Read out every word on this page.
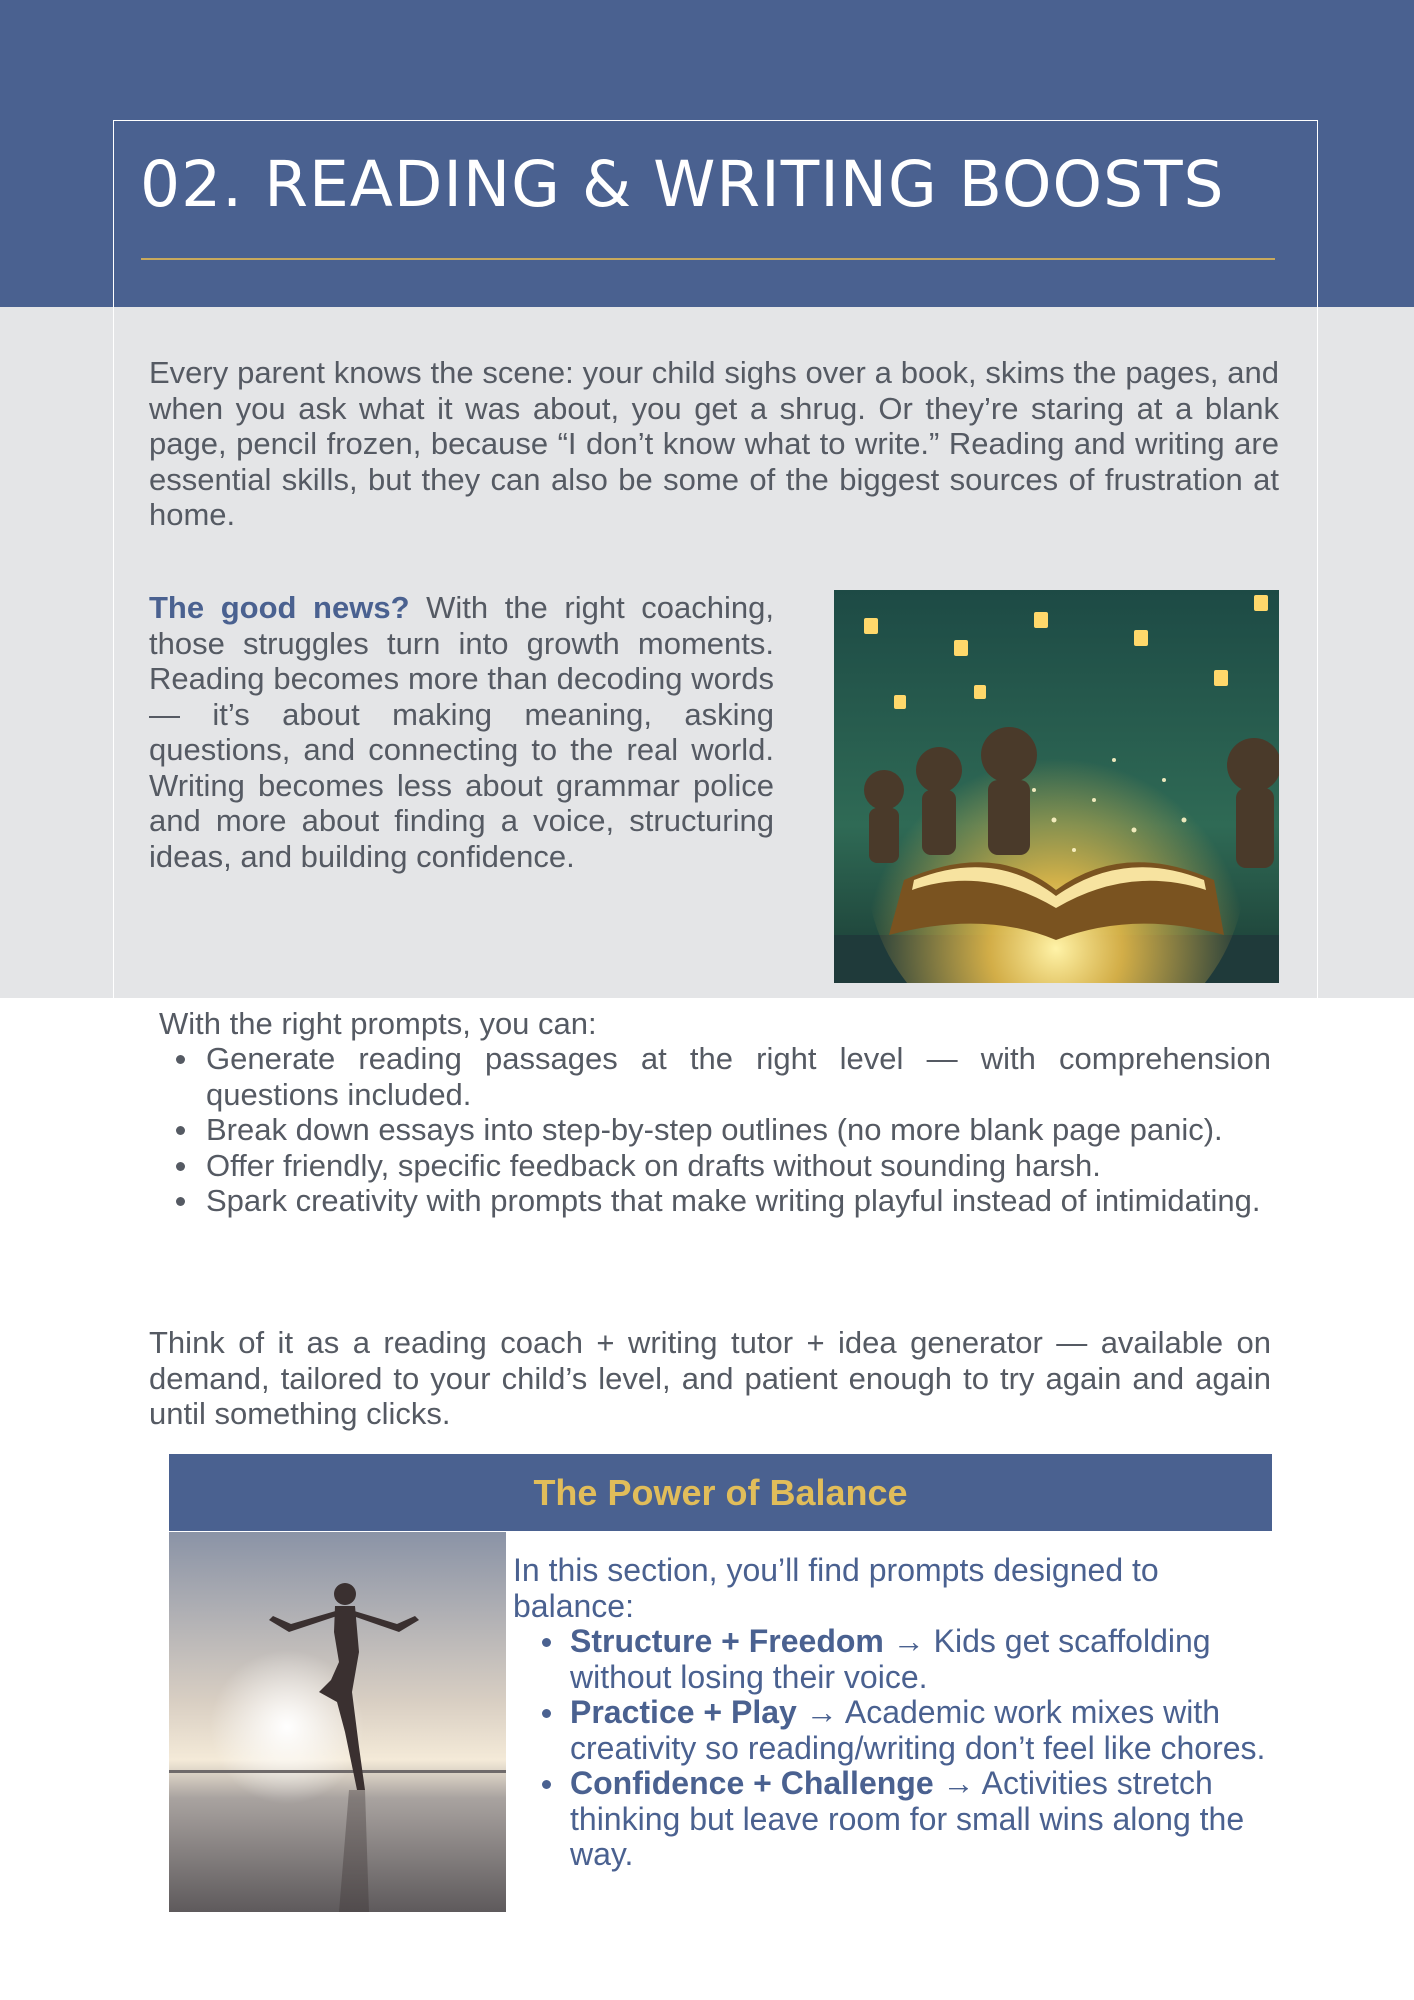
02. READING & WRITING BOOSTS

Every parent knows the scene: your child sighs over a book, skims the pages, and when you ask what it was about, you get a shrug. Or they’re staring at a blank page, pencil frozen, because “I don’t know what to write.” Reading and writing are essential skills, but they can also be some of the biggest sources of frustration at home.

The good news? With the right coaching, those struggles turn into growth moments. Reading becomes more than decoding words — it’s about making meaning, asking questions, and connecting to the real world. Writing becomes less about grammar police and more about finding a voice, structuring ideas, and building confidence.

With the right prompts, you can:

Generate reading passages at the right level — with comprehension questions included.
Break down essays into step-by-step outlines (no more blank page panic).
Offer friendly, specific feedback on drafts without sounding harsh.
Spark creativity with prompts that make writing playful instead of intimidating.

Think of it as a reading coach + writing tutor + idea generator — available on demand, tailored to your child’s level, and patient enough to try again and again until something clicks.

The Power of Balance

In this section, you’ll find prompts designed to balance:

Structure + Freedom → Kids get scaffolding without losing their voice.
Practice + Play → Academic work mixes with creativity so reading/writing don’t feel like chores.
Confidence + Challenge → Activities stretch thinking but leave room for small wins along the way.
